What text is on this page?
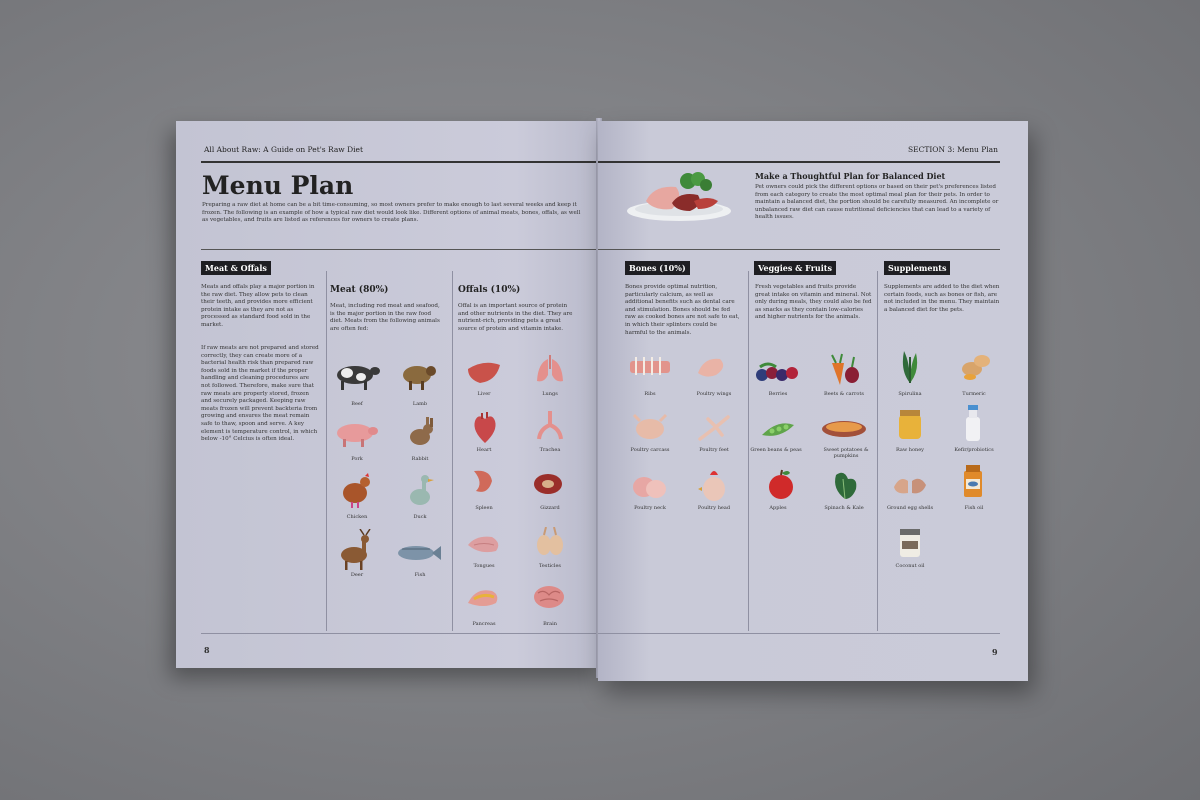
All About Raw: A Guide on Pet's Raw Diet
Menu Plan
Preparing a raw diet at home can be a bit time-consuming, so most owners prefer to make enough to last several weeks and keep it frozen. The following is an example of how a typical raw diet would look like. Different options of animal meats, bones, offals, as well as vegetables, and fruits are listed as references for owners to create plans.
Meat & Offals
Meats and offals play a major portion in the raw diet. They allow pets to clean their teeth, and provides more efficient protein intake as they are not as processed as standard food sold in the market.
If raw meats are not prepared and stored correctly, they can create more of a bacterial health risk than prepared raw foods sold in the market if the proper handling and cleaning procedures are not followed. Therefore, make sure that raw meats are properly stored, frozen and securely packaged. Keeping raw meats frozen will prevent backteria from growing and ensures the meat remain safe to thaw, spoon and serve. A key element is temperature control, in which below -10° Celcius is often ideal.
Meat (80%)
Meat, including red meat and seafood, is the major portion in the raw food diet. Meats from the following animals are often fed:
Offals (10%)
Offal is an important source of protein and other nutrients in the diet. They are nutrient-rich, providing pets a great source of protein and vitamin intake.
Beef	Lamb
Pork	Rabbit
Chicken	Duck
Deer	Fish
Liver	Lungs
Heart	Trachea
Spleen	Gizzard
Tongues	Testicles
Pancreas	Brain
8
SECTION 3: Menu Plan
Make a Thoughtful Plan for Balanced Diet
Pet owners could pick the different options or based on their pet's preferences listed from each category to create the most optimal meal plan for their pets. In order to maintain a balanced diet, the portion should be carefully measured. An incomplete or unbalanced raw diet can cause nutritional deficiencies that can lead to a variety of health issues.
Bones (10%)
Bones provide optimal nutrition, particularly calcium, as well as additional benefits such as dental care and stimulation. Bones should be fed raw as cooked bones are not safe to eat, in which their splinters could be harmful to the animals.
Veggies & Fruits
Fresh vegetables and fruits provide great intake on vitamin and mineral. Not only during meals, they could also be fed as snacks as they contain low-calories and higher nutrients for the animals.
Supplements
Supplements are added to the diet when certain foods, such as bones or fish, are not included in the menu. They maintain a balanced diet for the pets.
Ribs	Poultry wings
Poultry carcass	Poultry feet
Poultry neck	Poultry head
Berries	Beets & carrots
Green beans & peas	Sweet potatoes & pumpkins
Apples	Spinach & Kale
Spirulina	Turmeric
Raw honey	Kefir/probiotics
Ground egg shells	Fish oil
Coconut oil
9
